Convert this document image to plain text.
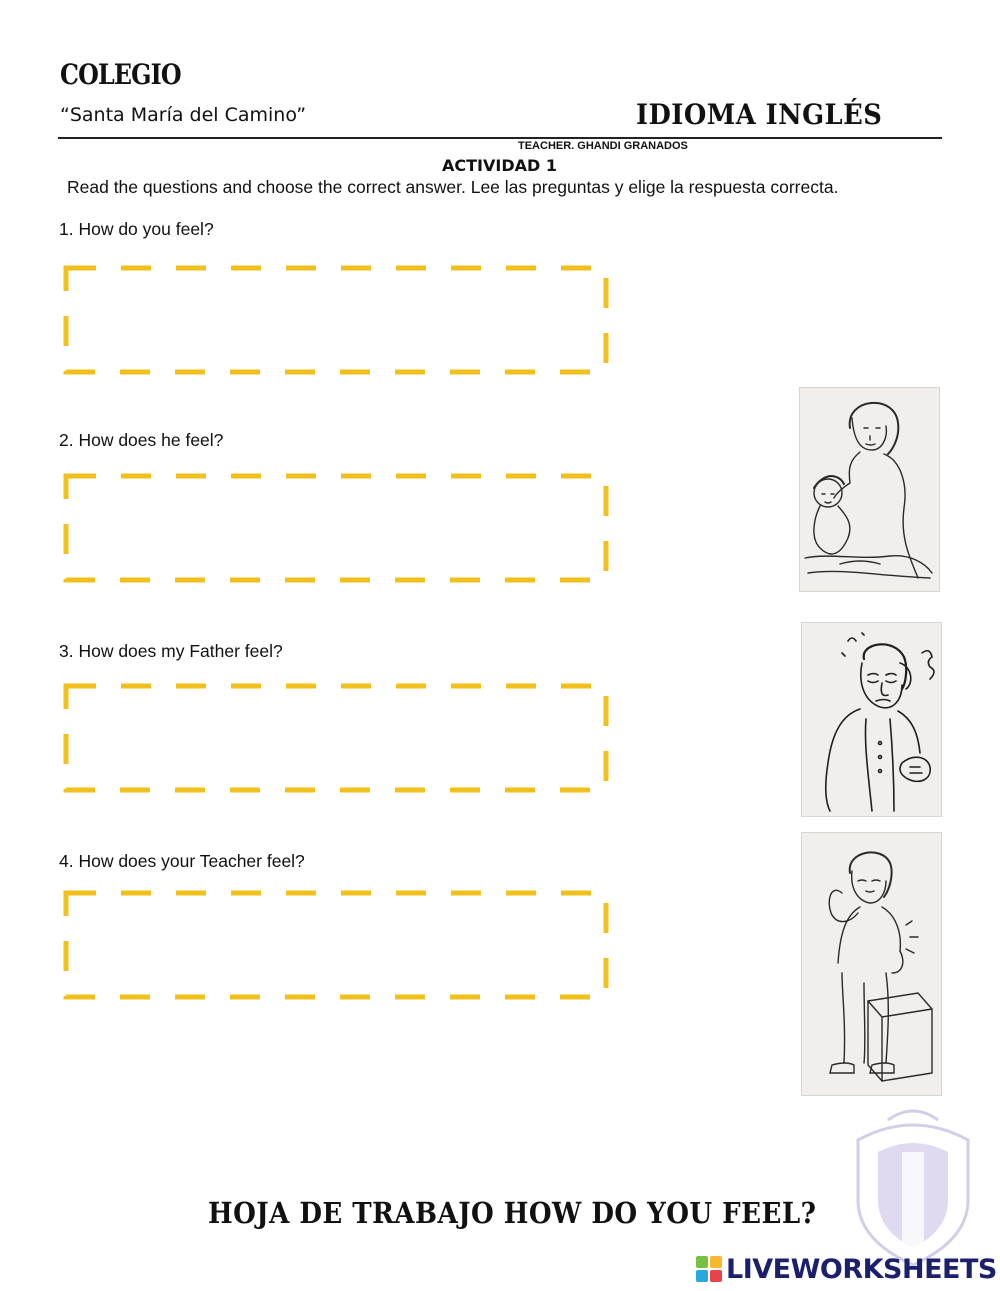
COLEGIO
“Santa María del Camino”	IDIOMA INGLÉS
TEACHER. GHANDI GRANADOS
ACTIVIDAD 1
Read the questions and choose the correct answer. Lee las preguntas y elige la respuesta correcta.
1. How do you feel?
2. How does he feel?
3. How does my Father feel?
4. How does your Teacher feel?
HOJA DE TRABAJO HOW DO YOU FEEL?
LIVEWORKSHEETS
